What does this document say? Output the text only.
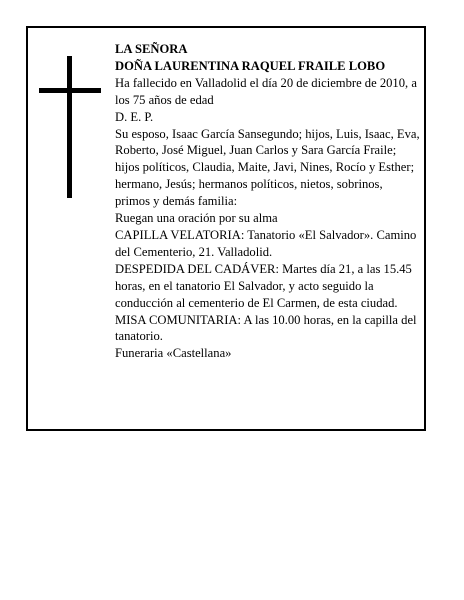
LA SEÑORA

DOÑA LAURENTINA RAQUEL FRAILE LOBO

Ha fallecido en Valladolid el día 20 de diciembre de 2010, a los 75 años de edad

D. E. P.

Su esposo, Isaac García Sansegundo; hijos, Luis, Isaac, Eva, Roberto, José Miguel, Juan Carlos y Sara García Fraile; hijos políticos, Claudia, Maite, Javi, Nines, Rocío y Esther; hermano, Jesús; hermanos políticos, nietos, sobrinos, primos y demás familia:

Ruegan una oración por su alma

CAPILLA VELATORIA: Tanatorio «El Salvador». Camino del Cementerio, 21. Valladolid.

DESPEDIDA DEL CADÁVER: Martes día 21, a las 15.45 horas, en el tanatorio El Salvador, y acto seguido la conducción al cementerio de El Carmen, de esta ciudad.

MISA COMUNITARIA: A las 10.00 horas, en la capilla del tanatorio.

Funeraria «Castellana»
